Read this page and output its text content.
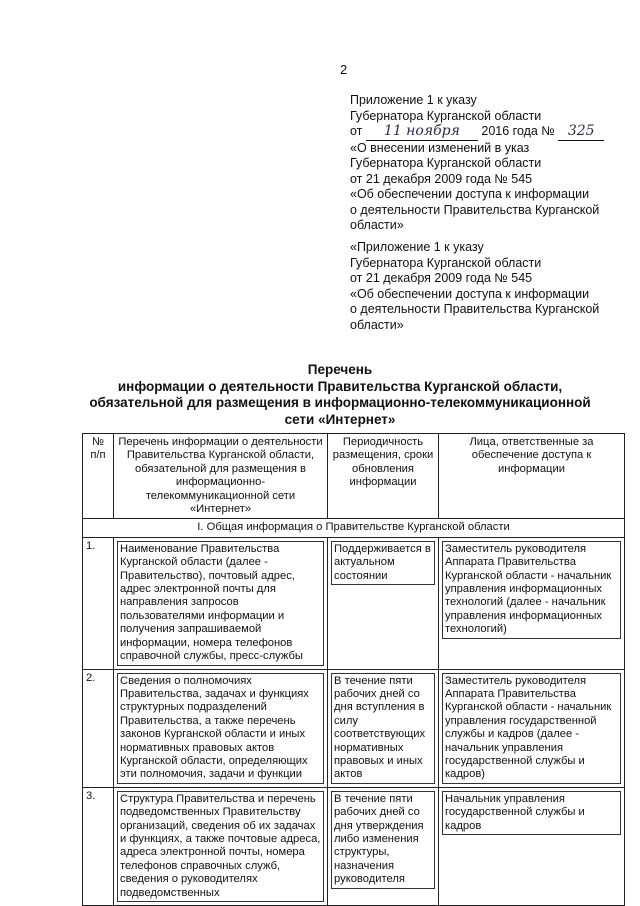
2
Приложение 1 к указу
Губернатора Курганской области
от 11 ноября 2016 года № 325
«О внесении изменений в указ
Губернатора Курганской области
от 21 декабря 2009 года № 545
«Об обеспечении доступа к информации
о деятельности Правительства Курганской
области»
«Приложение 1 к указу
Губернатора Курганской области
от 21 декабря 2009 года № 545
«Об обеспечении доступа к информации
о деятельности Правительства Курганской
области»
Перечень
информации о деятельности Правительства Курганской области,
обязательной для размещения в информационно-телекоммуникационной
сети «Интернет»
№ п/п	Перечень информации о деятельности Правительства Курганской области, обязательной для размещения в информационно-телекоммуникационной сети «Интернет»	Периодичность размещения, сроки обновления информации	Лица, ответственные за обеспечение доступа к информации
I. Общая информация о Правительстве Курганской области			
1.	Наименование Правительства Курганской области (далее - Правительство), почтовый адрес, адрес электронной почты для направления запросов пользователями информации и получения запрашиваемой информации, номера телефонов справочной службы, пресс-службы	Поддерживается в актуальном состоянии	Заместитель руководителя Аппарата Правительства Курганской области - начальник управления информационных технологий (далее - начальник управления информационных технологий)

2.	Сведения о полномочиях Правительства, задачах и функциях структурных подразделений Правительства, а также перечень законов Курганской области и иных нормативных правовых актов Курганской области, определяющих эти полномочия, задачи и функции	В течение пяти рабочих дней со дня вступления в силу соответствующих нормативных правовых и иных актов	Заместитель руководителя Аппарата Правительства Курганской области - начальник управления государственной службы и кадров (далее - начальник управления государственной службы и кадров)

3.	Структура Правительства и перечень подведомственных Правительству организаций, сведения об их задачах и функциях, а также почтовые адреса, адреса электронной почты, номера телефонов справочных служб, сведения о руководителях подведомственных	В течение пяти рабочих дней со дня утверждения либо изменения структуры, назначения руководителя	Начальник управления государственной службы и кадров
